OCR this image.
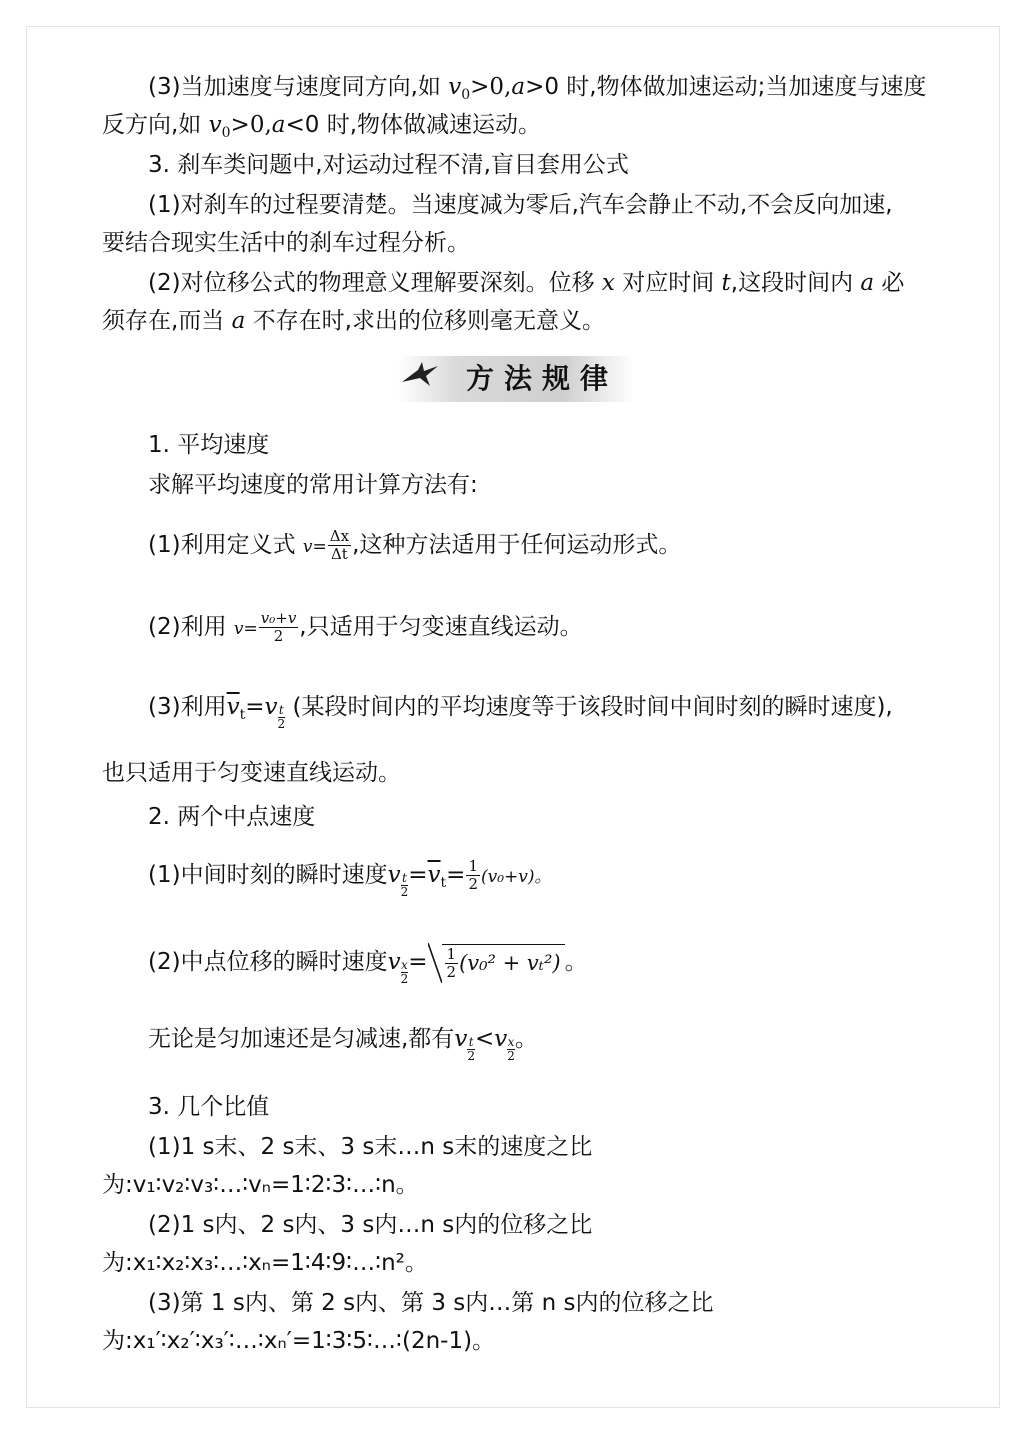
(3)当加速度与速度同方向,如 $v_0>0,a>0$ 时,物体做加速运动;当加速度与速度
反方向,如 $v_0>0,a<0$ 时,物体做减速运动。
3. 刹车类问题中,对运动过程不清,盲目套用公式
(1)对刹车的过程要清楚。当速度减为零后,汽车会静止不动,不会反向加速,
要结合现实生活中的刹车过程分析。
(2)对位移公式的物理意义理解要深刻。位移 x 对应时间 t,这段时间内 a 必
须存在,而当 a 不存在时,求出的位移则毫无意义。
方法规律
1. 平均速度
求解平均速度的常用计算方法有:
(1)利用定义式 $v= \frac{\Delta x}{\Delta t}$ ,这种方法适用于任何运动形式。
(2)利用 $v= \frac{\text{v₀+v}}{2}$ ,只适用于匀变速直线运动。
(3)利用$\overline{v}_t=v \frac{t}{2}$ (某段时间内的平均速度等于该段时间中间时刻的瞬时速度),
也只适用于匀变速直线运动。
2. 两个中点速度
(1)中间时刻的瞬时速度v $\frac{t}{2} =\overline{v}_t= \frac{1}{2} (v_0+v)$。
(2)中点位移的瞬时速度v $\frac{x}{2} = \frac{1}{2} (v_0^2 + v_t^2)$ 。
无论是匀加速还是匀减速,都有v $\frac{t}{2} <v \frac{x}{2}$ 。
3. 几个比值
(1)1 s末、2 s末、3 s末…n s末的速度之比
为:v₁∶v₂∶v₃∶…∶vₙ=1∶2∶3∶…∶n。
(2)1 s内、2 s内、3 s内…n s内的位移之比
为:x₁∶x₂∶x₃∶…∶xₙ=1∶4∶9∶…∶n²。
(3)第 1 s内、第 2 s内、第 3 s内…第 n s内的位移之比
为:x₁′∶x₂′∶x₃′∶…∶xₙ′=1∶3∶5∶…∶(2n-1)。
